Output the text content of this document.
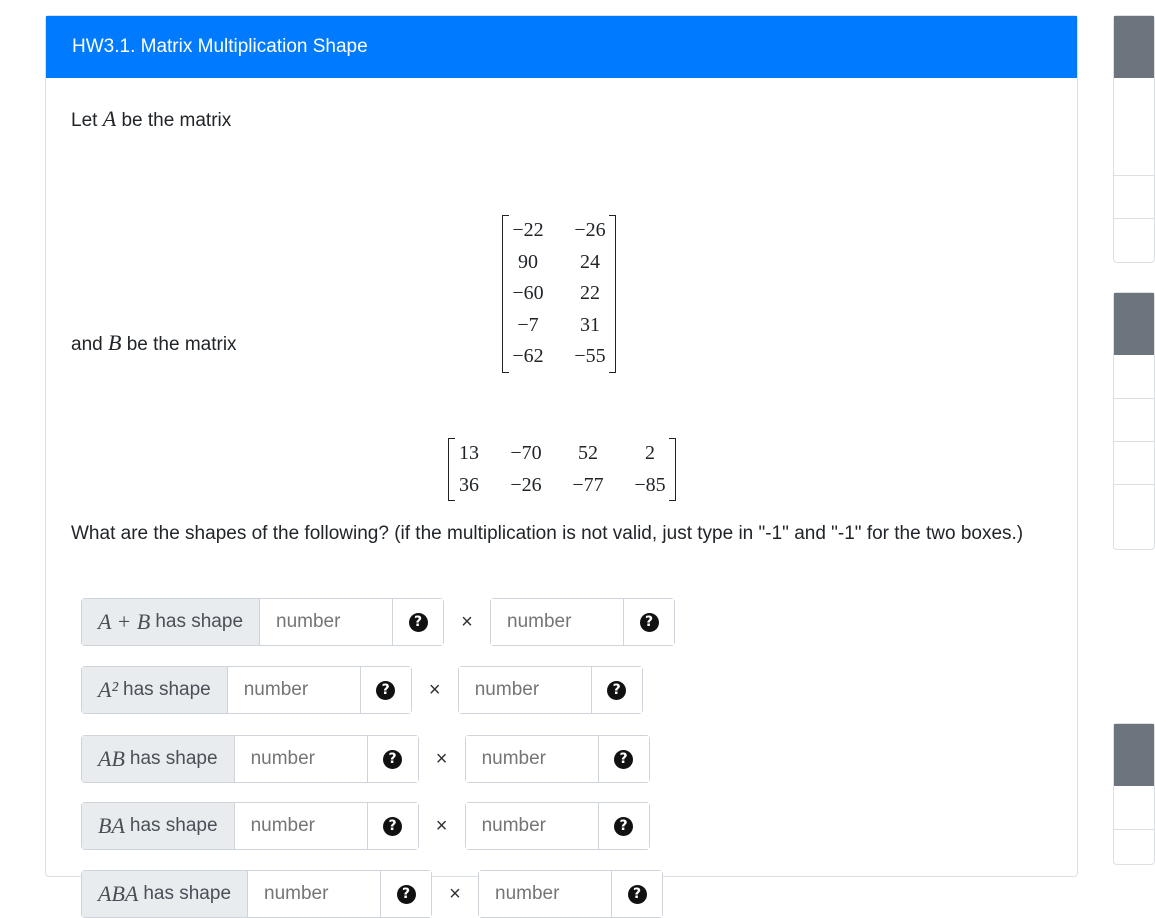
HW3.1. Matrix Multiplication Shape
Let A be the matrix
−22 −26
90	24
−60	22
−7	31
−62 −55
and B be the matrix
13 −70	52	2
36 −26 −77 −85
What are the shapes of the following? (if the multiplication is not valid, just type in "-1" and "-1" for the two boxes.)
A + B has shape
number	?	×
number	?
A² has shape
number	?	×
number	?
AB has shape
number	?	×
number	?
BA has shape
number	?	×
number	?
ABA has shape
number	?	×
number	?
